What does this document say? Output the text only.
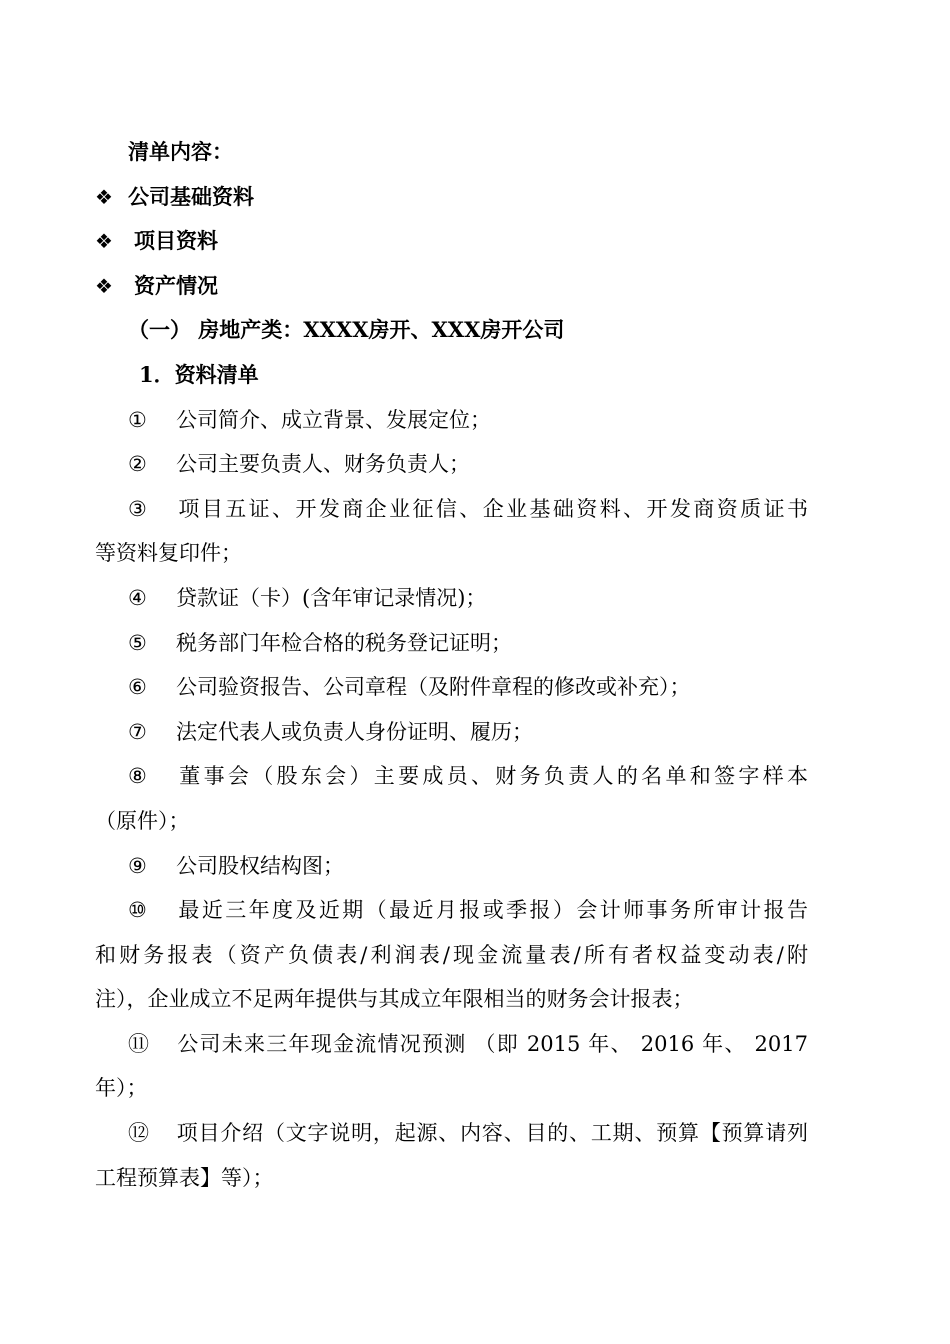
清单内容：
❖ 公司基础资料
❖ 项目资料
❖ 资产情况
（一） 房地产类：XXXX房开、XXX房开公司
1．资料清单
① 公司简介、成立背景、发展定位；
② 公司主要负责人、财务负责人；
③ 项目五证、开发商企业征信、企业基础资料、开发商资质证书
等资料复印件；
④ 贷款证（卡）(含年审记录情况)；
⑤ 税务部门年检合格的税务登记证明；
⑥ 公司验资报告、公司章程（及附件章程的修改或补充）；
⑦ 法定代表人或负责人身份证明、履历；
⑧ 董事会（股东会）主要成员、财务负责人的名单和签字样本
（原件）；
⑨ 公司股权结构图；
⑩ 最近三年度及近期（最近月报或季报）会计师事务所审计报告
和财务报表（资产负债表/利润表/现金流量表/所有者权益变动表/附
注），企业成立不足两年提供与其成立年限相当的财务会计报表；
⑪ 公司未来三年现金流情况预测 （即 2015 年、 2016 年、 2017
年）；
⑫ 项目介绍（文字说明，起源、内容、目的、工期、预算【预算请列
工程预算表】等）；
